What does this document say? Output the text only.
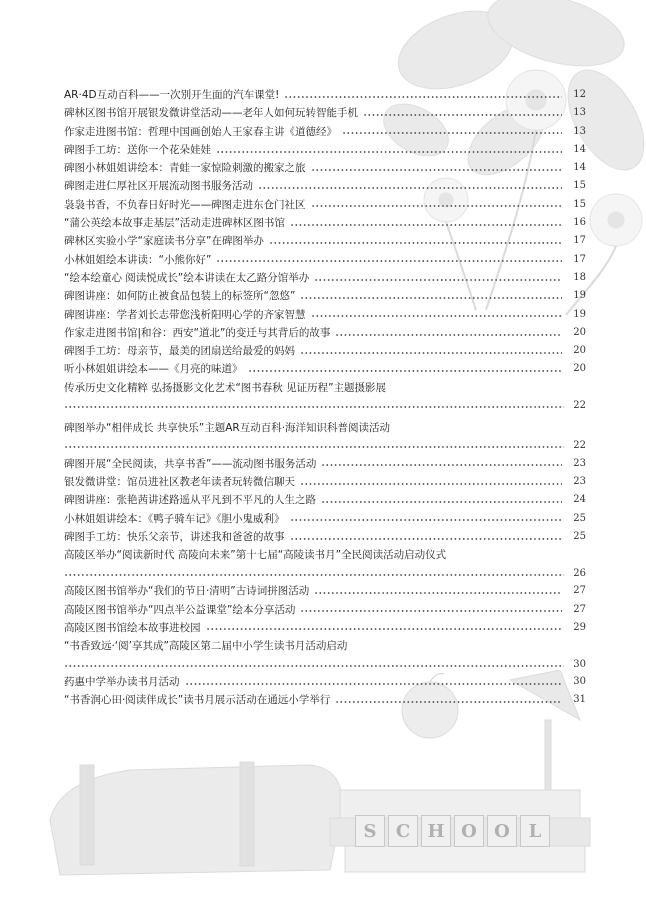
AR·4D互动百科——一次别开生面的汽车课堂!	12
碑林区图书馆开展银发微讲堂活动——老年人如何玩转智能手机	13
作家走进图书馆：哲理中国画创始人王家春主讲《道德经》	13
碑图手工坊：送你一个花朵娃娃	14
碑图小林姐姐讲绘本：青蛙一家惊险刺激的搬家之旅	14
碑图走进仁厚社区开展流动图书服务活动	15
袅袅书香，不负春日好时光——碑图走进东仓门社区	15
“蒲公英绘本故事走基层”活动走进碑林区图书馆	16
碑林区实验小学“家庭读书分享”在碑图举办	17
小林姐姐绘本讲读：“小熊你好”	17
“绘本绘童心 阅读悦成长”绘本讲读在太乙路分馆举办	18
碑图讲座：如何防止被食品包装上的标签所“忽悠”	19
碑图讲座：学者刘长志带您浅析阳明心学的齐家智慧	19
作家走进图书馆|和谷：西安“道北”的变迁与其背后的故事	20
碑图手工坊：母亲节，最美的团扇送给最爱的妈妈	20
听小林姐姐讲绘本——《月亮的味道》	20
传承历史文化精粹 弘扬摄影文化艺术“图书春秋 见证历程”主题摄影展
22
碑图举办“相伴成长 共享快乐”主题AR互动百科·海洋知识科普阅读活动
22
碑图开展“全民阅读，共享书香”——流动图书服务活动	23
银发微讲堂：馆员进社区教老年读者玩转微信聊天	23
碑图讲座：张艳茜讲述路遥从平凡到不平凡的人生之路	24
小林姐姐讲绘本：《鸭子骑车记》《胆小鬼威利》	25
碑图手工坊：快乐父亲节，讲述我和爸爸的故事	25
高陵区举办“阅读新时代 高陵向未来”第十七届“高陵读书月”全民阅读活动启动仪式
26
高陵区图书馆举办“我们的节日·清明”古诗词拼图活动	27
高陵区图书馆举办“四点半公益课堂”绘本分享活动	27
高陵区图书馆绘本故事进校园	29
“书香致远·‘阅’享其成”高陵区第二届中小学生读书月活动启动
30
药惠中学举办读书月活动	30
“书香润心田·阅读伴成长”读书月展示活动在通远小学举行	31
S	C H O O	L
